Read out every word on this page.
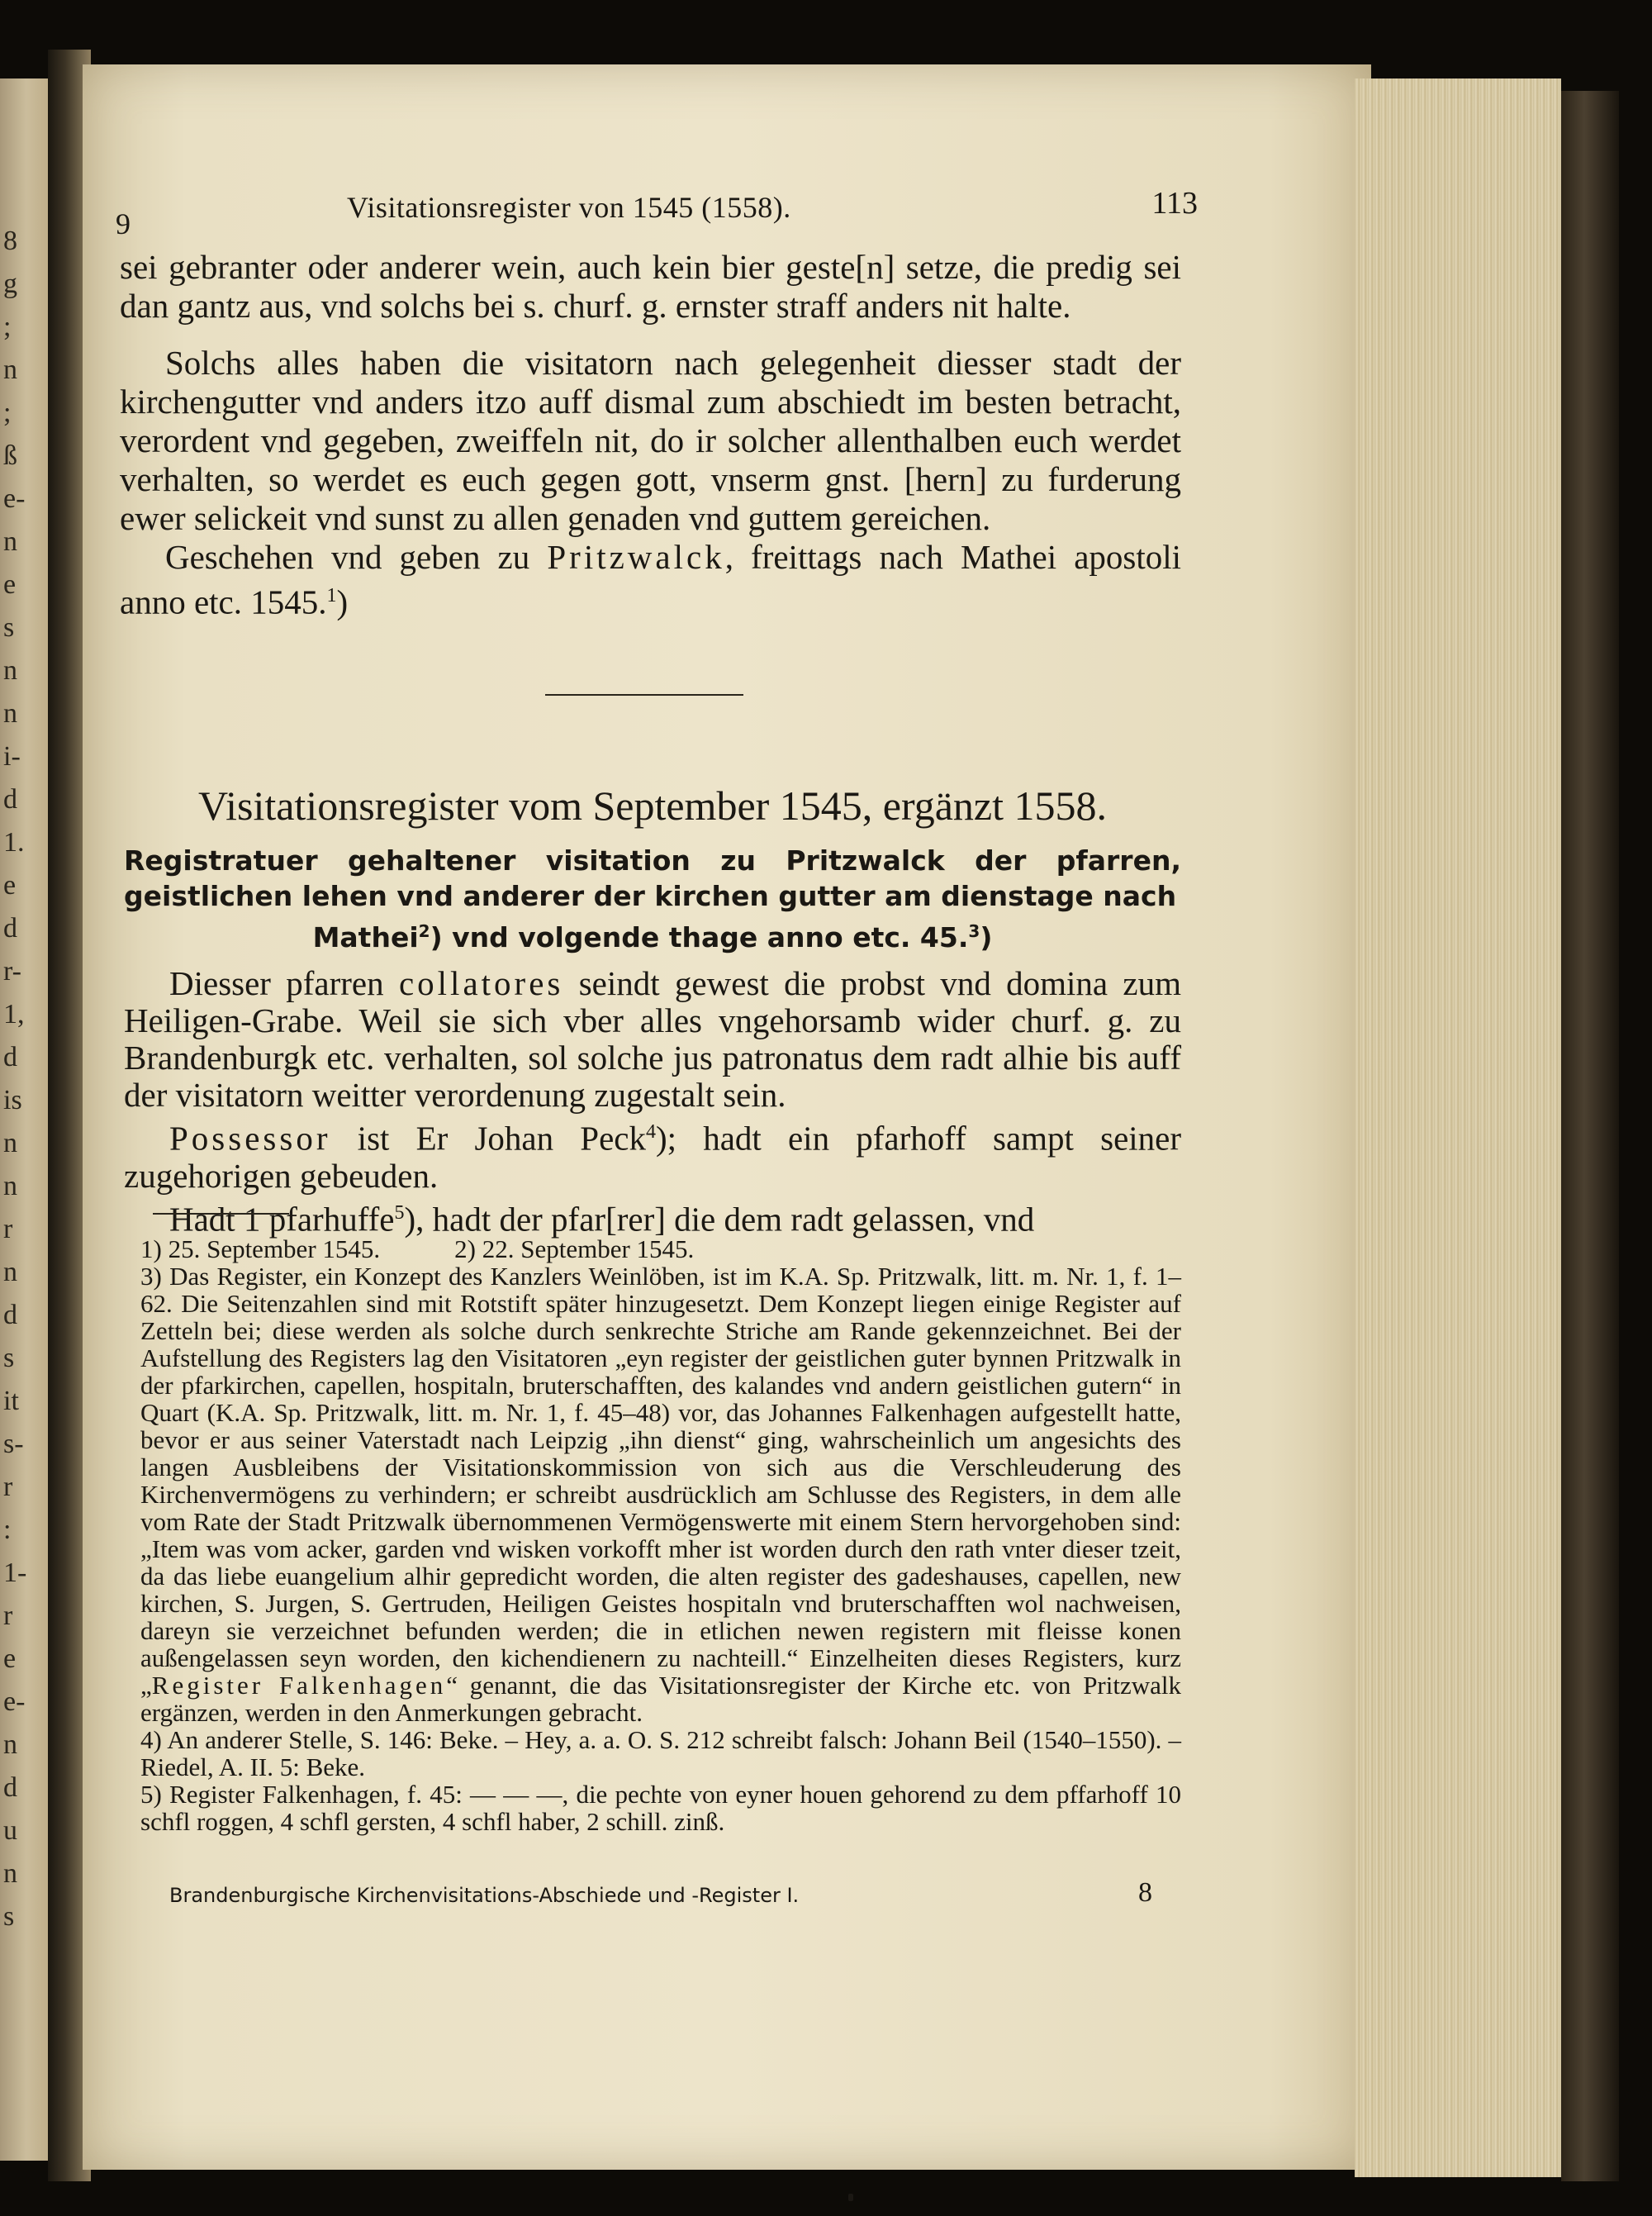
8
g
;
n
;
ß
e-
n
e
s
n
n
i-
d
1.
e
d
r-
1,
d
is
n
n
r
n
d
s
it
s-
r
:
1-
r
e
e-
n
d
u
n
s
9	Visitationsregister von 1545 (1558).	113

sei gebranter oder anderer wein, auch kein bier geste[n] setze, die predig sei dan gantz aus, vnd solchs bei s. churf. g. ernster straff anders nit halte.

Solchs alles haben die visitatorn nach gelegenheit diesser stadt der kirchengutter vnd anders itzo auff dismal zum abschiedt im besten betracht, verordent vnd gegeben, zweiffeln nit, do ir solcher allenthalben euch werdet verhalten, so werdet es euch gegen gott, vnserm gnst. [hern] zu furderung ewer selickeit vnd sunst zu allen genaden vnd guttem gereichen.

Geschehen vnd geben zu Pritzwalck, freittags nach Mathei apostoli anno etc. 1545.$^1$)

Visitationsregister vom September 1545, ergänzt 1558.
Registratuer gehaltener visitation zu Pritzwalck der pfarren, geistlichen lehen vnd anderer der kirchen gutter am dienstage nach
Mathei$^2$) vnd volgende thage anno etc. 45.$^3$)

Diesser pfarren collatores seindt gewest die probst vnd domina zum Heiligen-Grabe. Weil sie sich vber alles vngehorsamb wider churf. g. zu Brandenburgk etc. verhalten, sol solche jus patronatus dem radt alhie bis auff der visitatorn weitter verordenung zugestalt sein.

Possessor ist Er Johan Peck$^4$); hadt ein pfarhoff sampt seiner zugehorigen gebeuden.

Hadt 1 pfarhuffe$^5$), hadt der pfar[rer] die dem radt gelassen, vnd

1) 25. September 1545.	2) 22. September 1545.

3) Das Register, ein Konzept des Kanzlers Weinlöben, ist im K.A. Sp. Pritzwalk, litt. m. Nr. 1, f. 1–62. Die Seitenzahlen sind mit Rotstift später hinzugesetzt. Dem Konzept liegen einige Register auf Zetteln bei; diese werden als solche durch senkrechte Striche am Rande gekennzeichnet. Bei der Aufstellung des Registers lag den Visitatoren „eyn register der geistlichen guter bynnen Pritzwalk in der pfarkirchen, capellen, hospitaln, bruterschafften, des kalandes vnd andern geistlichen gutern“ in Quart (K.A. Sp. Pritzwalk, litt. m. Nr. 1, f. 45–48) vor, das Johannes Falkenhagen aufgestellt hatte, bevor er aus seiner Vaterstadt nach Leipzig „ihn dienst“ ging, wahrscheinlich um angesichts des langen Ausbleibens der Visitationskommission von sich aus die Verschleuderung des Kirchenvermögens zu verhindern; er schreibt ausdrücklich am Schlusse des Registers, in dem alle vom Rate der Stadt Pritzwalk übernommenen Vermögenswerte mit einem Stern hervorgehoben sind: „Item was vom acker, garden vnd wisken vorkofft mher ist worden durch den rath vnter dieser tzeit, da das liebe euangelium alhir gepredicht worden, die alten register des gadeshauses, capellen, new kirchen, S. Jurgen, S. Gertruden, Heiligen Geistes hospitaln vnd bruterschafften wol nachweisen, dareyn sie verzeichnet befunden werden; die in etlichen newen registern mit fleisse konen außengelassen seyn worden, den kichendienern zu nachteill.“ Einzelheiten dieses Registers, kurz „Register Falkenhagen“ genannt, die das Visitationsregister der Kirche etc. von Pritzwalk ergänzen, werden in den Anmerkungen gebracht.

4) An anderer Stelle, S. 146: Beke. – Hey, a. a. O. S. 212 schreibt falsch: Johann Beil (1540–1550). – Riedel, A. II. 5: Beke.

5) Register Falkenhagen, f. 45: — — —, die pechte von eyner houen gehorend zu dem pffarhoff 10 schfl roggen, 4 schfl gersten, 4 schfl haber, 2 schill. zinß.

Brandenburgische Kirchenvisitations-Abschiede und -Register I.	8
